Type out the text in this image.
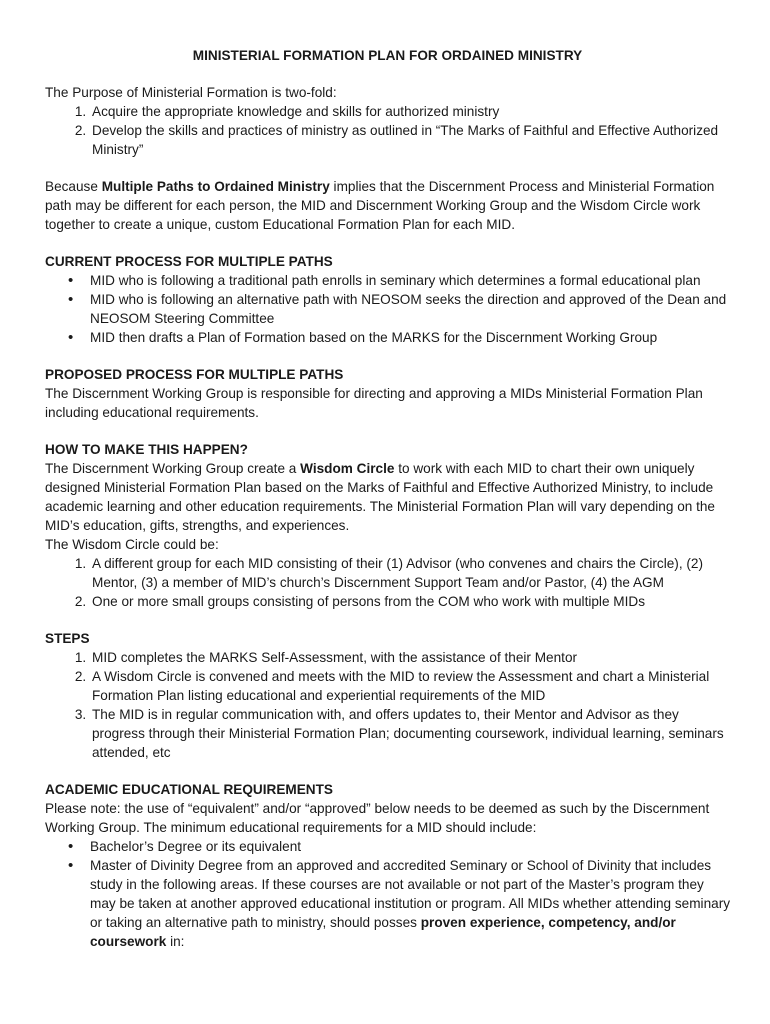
MINISTERIAL FORMATION PLAN FOR ORDAINED MINISTRY

The Purpose of Ministerial Formation is two-fold:

1. Acquire the appropriate knowledge and skills for authorized ministry
2. Develop the skills and practices of ministry as outlined in “The Marks of Faithful and Effective Authorized Ministry”

Because Multiple Paths to Ordained Ministry implies that the Discernment Process and Ministerial Formation path may be different for each person, the MID and Discernment Working Group and the Wisdom Circle work together to create a unique, custom Educational Formation Plan for each MID.

CURRENT PROCESS FOR MULTIPLE PATHS

• MID who is following a traditional path enrolls in seminary which determines a formal educational plan
• MID who is following an alternative path with NEOSOM seeks the direction and approved of the Dean and NEOSOM Steering Committee
• MID then drafts a Plan of Formation based on the MARKS for the Discernment Working Group

PROPOSED PROCESS FOR MULTIPLE PATHS

The Discernment Working Group is responsible for directing and approving a MIDs Ministerial Formation Plan including educational requirements.

HOW TO MAKE THIS HAPPEN?

The Discernment Working Group create a Wisdom Circle to work with each MID to chart their own uniquely designed Ministerial Formation Plan based on the Marks of Faithful and Effective Authorized Ministry, to include academic learning and other education requirements. The Ministerial Formation Plan will vary depending on the MID’s education, gifts, strengths, and experiences.

The Wisdom Circle could be:

1. A different group for each MID consisting of their (1) Advisor (who convenes and chairs the Circle), (2) Mentor, (3) a member of MID’s church’s Discernment Support Team and/or Pastor, (4) the AGM
2. One or more small groups consisting of persons from the COM who work with multiple MIDs

STEPS

1. MID completes the MARKS Self-Assessment, with the assistance of their Mentor
2. A Wisdom Circle is convened and meets with the MID to review the Assessment and chart a Ministerial Formation Plan listing educational and experiential requirements of the MID
3. The MID is in regular communication with, and offers updates to, their Mentor and Advisor as they progress through their Ministerial Formation Plan; documenting coursework, individual learning, seminars attended, etc

ACADEMIC EDUCATIONAL REQUIREMENTS

Please note: the use of “equivalent” and/or “approved” below needs to be deemed as such by the Discernment Working Group. The minimum educational requirements for a MID should include:

• Bachelor’s Degree or its equivalent
• Master of Divinity Degree from an approved and accredited Seminary or School of Divinity that includes study in the following areas. If these courses are not available or not part of the Master’s program they may be taken at another approved educational institution or program. All MIDs whether attending seminary or taking an alternative path to ministry, should posses proven experience, competency, and/or coursework in:
